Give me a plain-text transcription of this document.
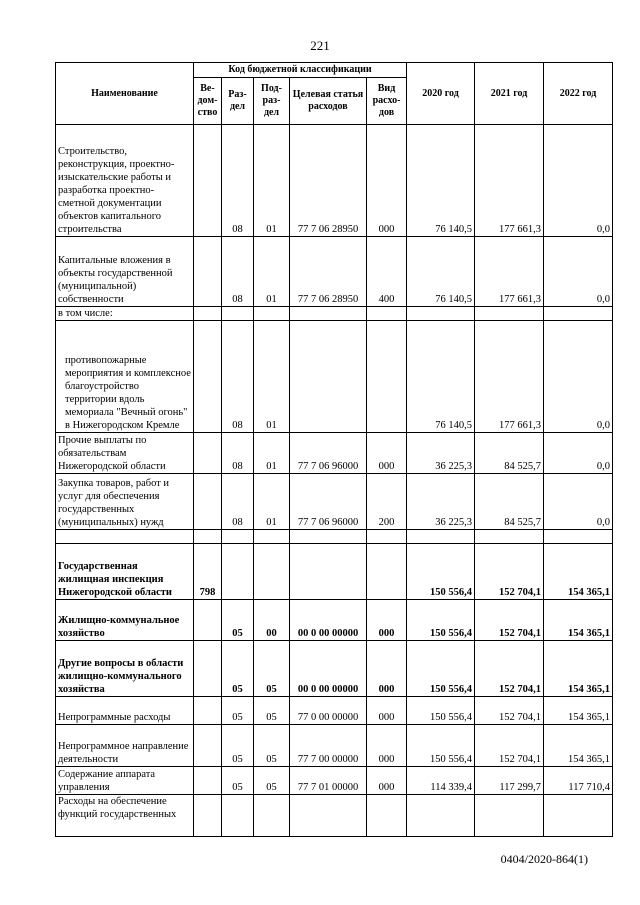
221
Наименование	Код бюджетной классификации					2020 год	2021 год	2022 год
	Ве-дом-ство	Раз-дел	Под-раз-дел	Целевая статья расходов	Вид расхо-дов			
Строительство, реконструкция, проектно-изыскательские работы и разработка проектно-сметной документации объектов капитального строительства		08	01	77 7 06 28950	000	76 140,5	177 661,3	0,0
Капитальные вложения в объекты государственной (муниципальной) собственности		08	01	77 7 06 28950	400	76 140,5	177 661,3	0,0
в том числе:								
противопожарные мероприятия и комплексное благоустройство территории вдоль мемориала "Вечный огонь" в Нижегородском Кремле		08	01			76 140,5	177 661,3	0,0
Прочие выплаты по обязательствам Нижегородской области		08	01	77 7 06 96000	000	36 225,3	84 525,7	0,0
Закупка товаров, работ и услуг для обеспечения государственных (муниципальных) нужд		08	01	77 7 06 96000	200	36 225,3	84 525,7	0,0

Государственная жилищная инспекция Нижегородской области	798					150 556,4	152 704,1	154 365,1
Жилищно-коммунальное хозяйство		05	00	00 0 00 00000	000	150 556,4	152 704,1	154 365,1
Другие вопросы в области жилищно-коммунального хозяйства		05	05	00 0 00 00000	000	150 556,4	152 704,1	154 365,1
Непрограммные расходы		05	05	77 0 00 00000	000	150 556,4	152 704,1	154 365,1
Непрограммное направление деятельности		05	05	77 7 00 00000	000	150 556,4	152 704,1	154 365,1
Содержание аппарата управления		05	05	77 7 01 00000	000	114 339,4	117 299,7	117 710,4
Расходы на обеспечение функций государственных								
0404/2020-864(1)
